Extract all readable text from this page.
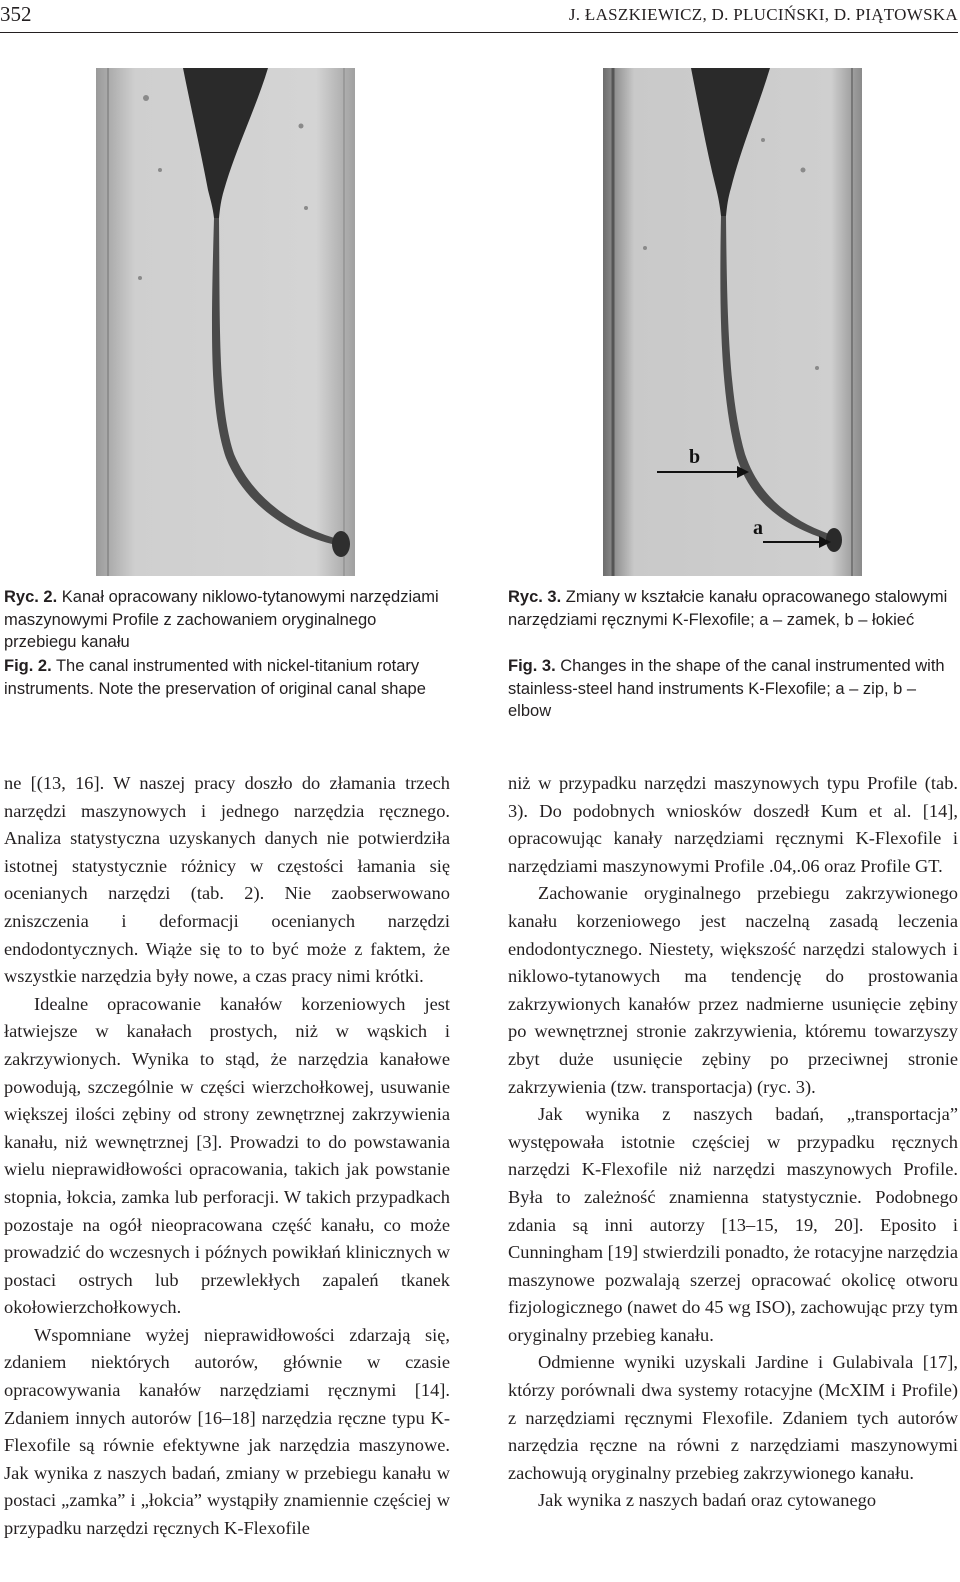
352	J. ŁASZKIEWICZ, D. PLUCIŃSKI, D. PIĄTOWSKA
b
a

Ryc. 2. Kanał opracowany niklowo-tytanowymi narzędziami maszynowymi Profile z zachowaniem oryginalnego przebiegu kanału

Fig. 2. The canal instrumented with nickel-titanium rotary instruments. Note the preservation of original canal shape

Ryc. 3. Zmiany w kształcie kanału opracowanego stalowymi narzędziami ręcznymi K-Flexofile; a – zamek, b – łokieć

Fig. 3. Changes in the shape of the canal instrumented with stainless-steel hand instruments K-Flexofile; a – zip, b – elbow

ne [(13, 16]. W naszej pracy doszło do złamania trzech narzędzi maszynowych i jednego narzędzia ręcznego. Analiza statystyczna uzyskanych danych nie potwierdziła istotnej statystycznie różnicy w częstości łamania się ocenianych narzędzi (tab. 2). Nie zaobserwowano zniszczenia i deformacji ocenianych narzędzi endodontycznych. Wiąże się to to być może z faktem, że wszystkie narzędzia były nowe, a czas pracy nimi krótki.

Idealne opracowanie kanałów korzeniowych jest łatwiejsze w kanałach prostych, niż w wąskich i zakrzywionych. Wynika to stąd, że narzędzia kanałowe powodują, szczególnie w części wierzchołkowej, usuwanie większej ilości zębiny od strony zewnętrznej zakrzywienia kanału, niż wewnętrznej [3]. Prowadzi to do powstawania wielu nieprawidłowości opracowania, takich jak powstanie stopnia, łokcia, zamka lub perforacji. W takich przypadkach pozostaje na ogół nieopracowana część kanału, co może prowadzić do wczesnych i późnych powikłań klinicznych w postaci ostrych lub przewlekłych zapaleń tkanek okołowierzchołkowych.

Wspomniane wyżej nieprawidłowości zdarzają się, zdaniem niektórych autorów, głównie w czasie opracowywania kanałów narzędziami ręcznymi [14]. Zdaniem innych autorów [16–18] narzędzia ręczne typu K-Flexofile są równie efektywne jak narzędzia maszynowe. Jak wynika z naszych badań, zmiany w przebiegu kanału w postaci „zamka” i „łokcia” wystąpiły znamiennie częściej w przypadku narzędzi ręcznych K-Flexofile

niż w przypadku narzędzi maszynowych typu Profile (tab. 3). Do podobnych wniosków doszedł Kum et al. [14], opracowując kanały narzędziami ręcznymi K-Flexofile i narzędziami maszynowymi Profile .04,.06 oraz Profile GT.

Zachowanie oryginalnego przebiegu zakrzywionego kanału korzeniowego jest naczelną zasadą leczenia endodontycznego. Niestety, większość narzędzi stalowych i niklowo-tytanowych ma tendencję do prostowania zakrzywionych kanałów przez nadmierne usunięcie zębiny po wewnętrznej stronie zakrzywienia, któremu towarzyszy zbyt duże usunięcie zębiny po przeciwnej stronie zakrzywienia (tzw. transportacja) (ryc. 3).

Jak wynika z naszych badań, „transportacja” występowała istotnie częściej w przypadku ręcznych narzędzi K-Flexofile niż narzędzi maszynowych Profile. Była to zależność znamienna statystycznie. Podobnego zdania są inni autorzy [13–15, 19, 20]. Eposito i Cunningham [19] stwierdzili ponadto, że rotacyjne narzędzia maszynowe pozwalają szerzej opracować okolicę otworu fizjologicznego (nawet do 45 wg ISO), zachowując przy tym oryginalny przebieg kanału.

Odmienne wyniki uzyskali Jardine i Gulabivala [17], którzy porównali dwa systemy rotacyjne (McXIM i Profile) z narzędziami ręcznymi Flexofile. Zdaniem tych autorów narzędzia ręczne na równi z narzędziami maszynowymi zachowują oryginalny przebieg zakrzywionego kanału.

Jak wynika z naszych badań oraz cytowanego
